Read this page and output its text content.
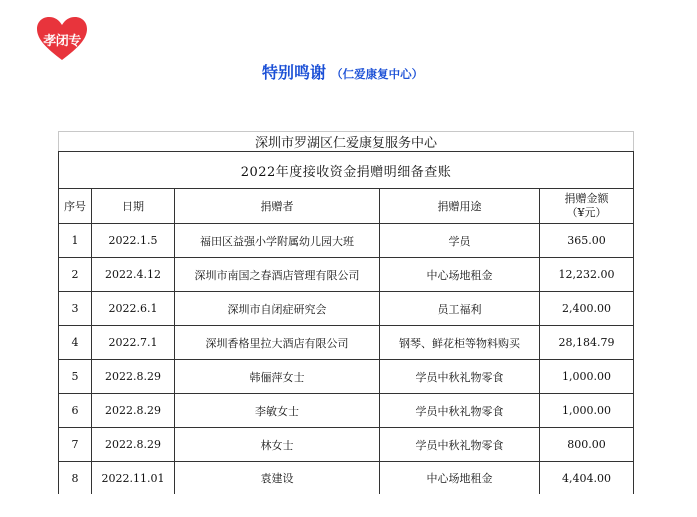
孝闭专
特别鸣谢 （仁爱康复中心）
深圳市罗湖区仁爱康复服务中心				
2022年度接收资金捐赠明细备查账				
序号	日期	捐赠者	捐赠用途	捐赠金额
（¥元）

1	2022.1.5	福田区益强小学附属幼儿园大班	学员	365.00
2	2022.4.12	深圳市南国之春酒店管理有限公司	中心场地租金	12,232.00
3	2022.6.1	深圳市自闭症研究会	员工福利	2,400.00
4	2022.7.1	深圳香格里拉大酒店有限公司	钢琴、鲜花柜等物料购买	28,184.79
5	2022.8.29	韩俪萍女士	学员中秋礼物零食	1,000.00
6	2022.8.29	李敏女士	学员中秋礼物零食	1,000.00
7	2022.8.29	林女士	学员中秋礼物零食	800.00
8	2022.11.01	袁建设	中心场地租金	4,404.00
